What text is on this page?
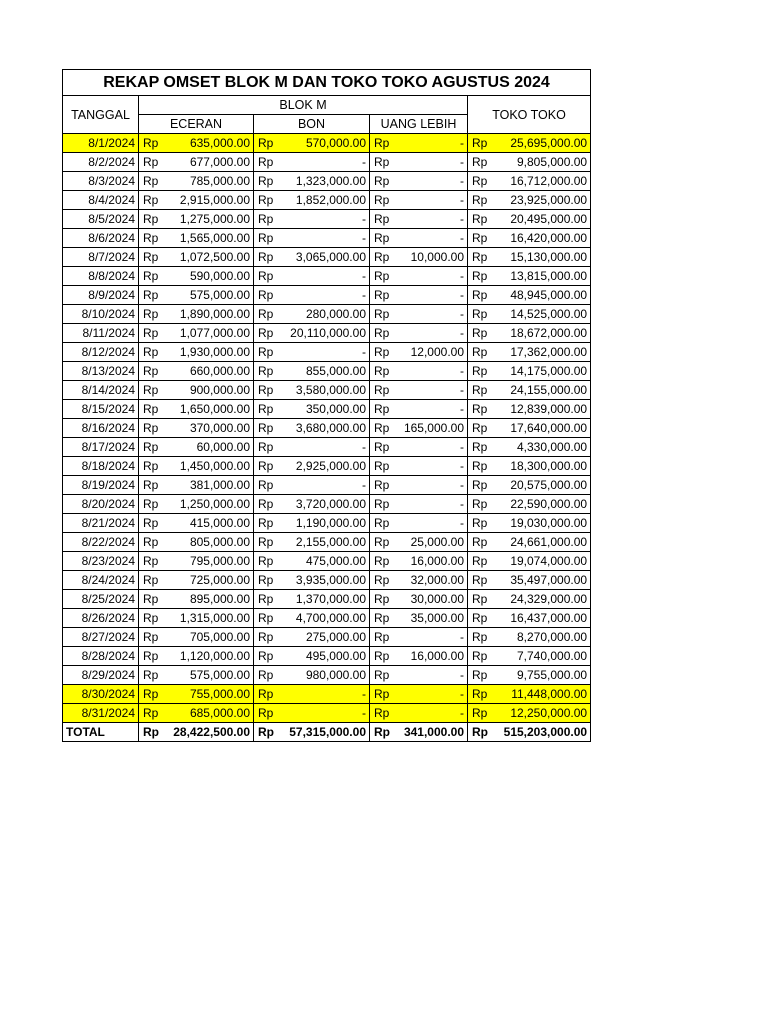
REKAP OMSET BLOK M DAN TOKO TOKO AGUSTUS 2024				
TANGGAL	BLOK M			TOKO TOKO
	ECERAN	BON	UANG LEBIH	
8/1/2024	Rp 635,000.00	Rp 570,000.00	Rp -	Rp 25,695,000.00

8/2/2024	Rp 677,000.00	Rp -	Rp -	Rp 9,805,000.00

8/3/2024	Rp 785,000.00	Rp 1,323,000.00	Rp -	Rp 16,712,000.00

8/4/2024	Rp 2,915,000.00	Rp 1,852,000.00	Rp -	Rp 23,925,000.00

8/5/2024	Rp 1,275,000.00	Rp -	Rp -	Rp 20,495,000.00

8/6/2024	Rp 1,565,000.00	Rp -	Rp -	Rp 16,420,000.00

8/7/2024	Rp 1,072,500.00	Rp 3,065,000.00	Rp 10,000.00	Rp 15,130,000.00

8/8/2024	Rp 590,000.00	Rp -	Rp -	Rp 13,815,000.00

8/9/2024	Rp 575,000.00	Rp -	Rp -	Rp 48,945,000.00

8/10/2024	Rp 1,890,000.00	Rp 280,000.00	Rp -	Rp 14,525,000.00

8/11/2024	Rp 1,077,000.00	Rp 20,110,000.00	Rp -	Rp 18,672,000.00

8/12/2024	Rp 1,930,000.00	Rp -	Rp 12,000.00	Rp 17,362,000.00

8/13/2024	Rp 660,000.00	Rp 855,000.00	Rp -	Rp 14,175,000.00

8/14/2024	Rp 900,000.00	Rp 3,580,000.00	Rp -	Rp 24,155,000.00

8/15/2024	Rp 1,650,000.00	Rp 350,000.00	Rp -	Rp 12,839,000.00

8/16/2024	Rp 370,000.00	Rp 3,680,000.00	Rp 165,000.00	Rp 17,640,000.00

8/17/2024	Rp 60,000.00	Rp -	Rp -	Rp 4,330,000.00

8/18/2024	Rp 1,450,000.00	Rp 2,925,000.00	Rp -	Rp 18,300,000.00

8/19/2024	Rp 381,000.00	Rp -	Rp -	Rp 20,575,000.00

8/20/2024	Rp 1,250,000.00	Rp 3,720,000.00	Rp -	Rp 22,590,000.00

8/21/2024	Rp 415,000.00	Rp 1,190,000.00	Rp -	Rp 19,030,000.00

8/22/2024	Rp 805,000.00	Rp 2,155,000.00	Rp 25,000.00	Rp 24,661,000.00

8/23/2024	Rp 795,000.00	Rp 475,000.00	Rp 16,000.00	Rp 19,074,000.00

8/24/2024	Rp 725,000.00	Rp 3,935,000.00	Rp 32,000.00	Rp 35,497,000.00

8/25/2024	Rp 895,000.00	Rp 1,370,000.00	Rp 30,000.00	Rp 24,329,000.00

8/26/2024	Rp 1,315,000.00	Rp 4,700,000.00	Rp 35,000.00	Rp 16,437,000.00

8/27/2024	Rp 705,000.00	Rp 275,000.00	Rp -	Rp 8,270,000.00

8/28/2024	Rp 1,120,000.00	Rp 495,000.00	Rp 16,000.00	Rp 7,740,000.00

8/29/2024	Rp 575,000.00	Rp 980,000.00	Rp -	Rp 9,755,000.00

8/30/2024	Rp 755,000.00	Rp -	Rp -	Rp 11,448,000.00

8/31/2024	Rp 685,000.00	Rp -	Rp -	Rp 12,250,000.00

TOTAL	Rp 28,422,500.00	Rp 57,315,000.00	Rp 341,000.00	Rp 515,203,000.00
